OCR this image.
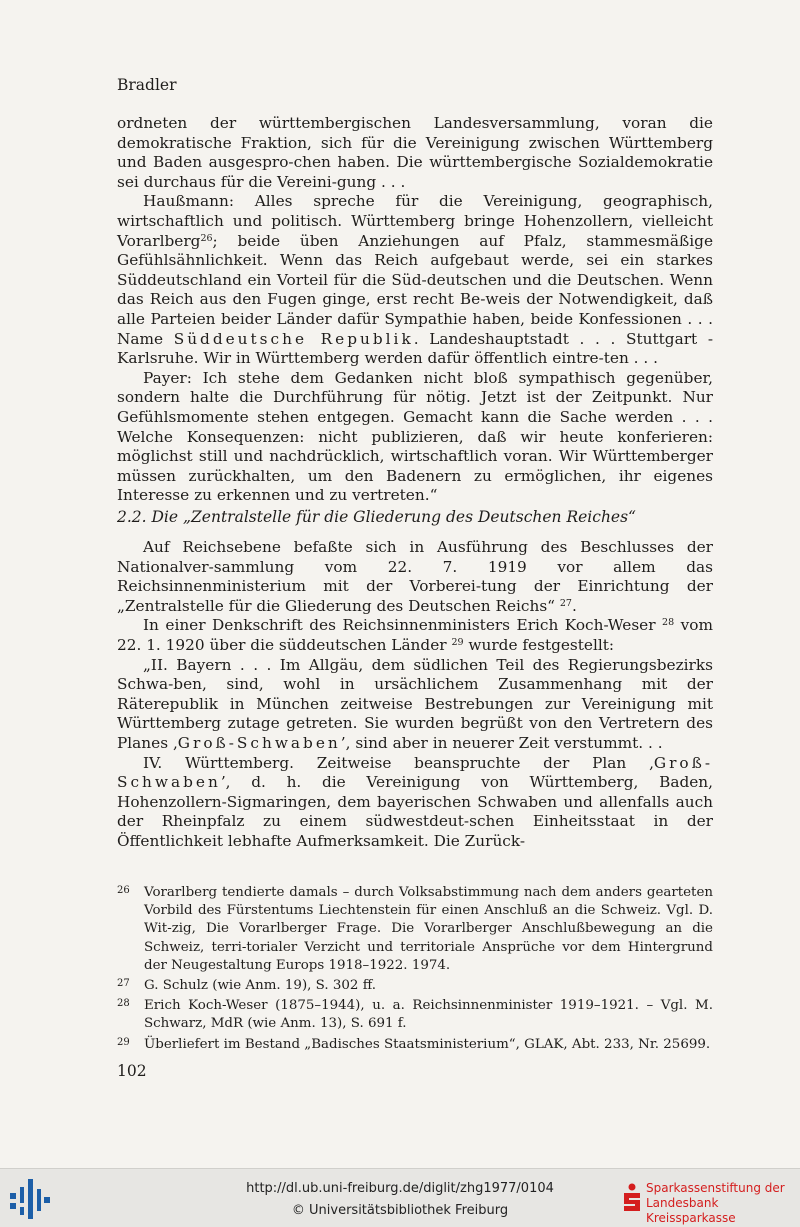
Bradler

ordneten der württembergischen Landesversammlung, voran die demokratische Fraktion, sich für die Vereinigung zwischen Württemberg und Baden ausgespro-chen haben. Die württembergische Sozialdemokratie sei durchaus für die Vereini-gung . . .

Haußmann: Alles spreche für die Vereinigung, geographisch, wirtschaftlich und politisch. Württemberg bringe Hohenzollern, vielleicht Vorarlberg$^{26}$; beide üben Anziehungen auf Pfalz, stammesmäßige Gefühlsähnlichkeit. Wenn das Reich aufgebaut werde, sei ein starkes Süddeutschland ein Vorteil für die Süd-deutschen und die Deutschen. Wenn das Reich aus den Fugen ginge, erst recht Be-weis der Notwendigkeit, daß alle Parteien beider Länder dafür Sympathie haben, beide Konfessionen . . . Name Süddeutsche Republik. Landeshauptstadt . . . Stuttgart - Karlsruhe. Wir in Württemberg werden dafür öffentlich eintre-ten . . .

Payer: Ich stehe dem Gedanken nicht bloß sympathisch gegenüber, sondern halte die Durchführung für nötig. Jetzt ist der Zeitpunkt. Nur Gefühlsmomente stehen entgegen. Gemacht kann die Sache werden . . . Welche Konsequenzen: nicht publizieren, daß wir heute konferieren: möglichst still und nachdrücklich, wirtschaftlich voran. Wir Württemberger müssen zurückhalten, um den Badenern zu ermöglichen, ihr eigenes Interesse zu erkennen und zu vertreten.“

2.2. Die „Zentralstelle für die Gliederung des Deutschen Reiches“

Auf Reichsebene befaßte sich in Ausführung des Beschlusses der Nationalver-sammlung vom 22. 7. 1919 vor allem das Reichsinnenministerium mit der Vorberei-tung der Einrichtung der „Zentralstelle für die Gliederung des Deutschen Reichs“ $^{27}$.

In einer Denkschrift des Reichsinnenministers Erich Koch-Weser $^{28}$ vom 22. 1. 1920 über die süddeutschen Länder $^{29}$ wurde festgestellt:

„II. Bayern . . . Im Allgäu, dem südlichen Teil des Regierungsbezirks Schwa-ben, sind, wohl in ursächlichem Zusammenhang mit der Räterepublik in München zeitweise Bestrebungen zur Vereinigung mit Württemberg zutage getreten. Sie wurden begrüßt von den Vertretern des Planes ‚Groß-Schwaben’, sind aber in neuerer Zeit verstummt. . .

IV. Württemberg. Zeitweise beanspruchte der Plan ‚Groß-Schwaben’, d. h. die Vereinigung von Württemberg, Baden, Hohenzollern-Sigmaringen, dem bayerischen Schwaben und allenfalls auch der Rheinpfalz zu einem südwestdeut-schen Einheitsstaat in der Öffentlichkeit lebhafte Aufmerksamkeit. Die Zurück-

26 Vorarlberg tendierte damals – durch Volksabstimmung nach dem anders gearteten Vorbild des Fürstentums Liechtenstein für einen Anschluß an die Schweiz. Vgl. D. Wit-zig, Die Vorarlberger Frage. Die Vorarlberger Anschlußbewegung an die Schweiz, terri-torialer Verzicht und territoriale Ansprüche vor dem Hintergrund der Neugestaltung Europs 1918–1922. 1974.

27 G. Schulz (wie Anm. 19), S. 302 ff.

28 Erich Koch-Weser (1875–1944), u. a. Reichsinnenminister 1919–1921. – Vgl. M. Schwarz, MdR (wie Anm. 13), S. 691 f.

29 Überliefert im Bestand „Badisches Staatsministerium“, GLAK, Abt. 233, Nr. 25699.

102
http://dl.ub.uni-freiburg.de/diglit/zhg1977/0104
© Universitätsbibliothek Freiburg
Sparkassenstiftung der
Landesbank Kreissparkasse
